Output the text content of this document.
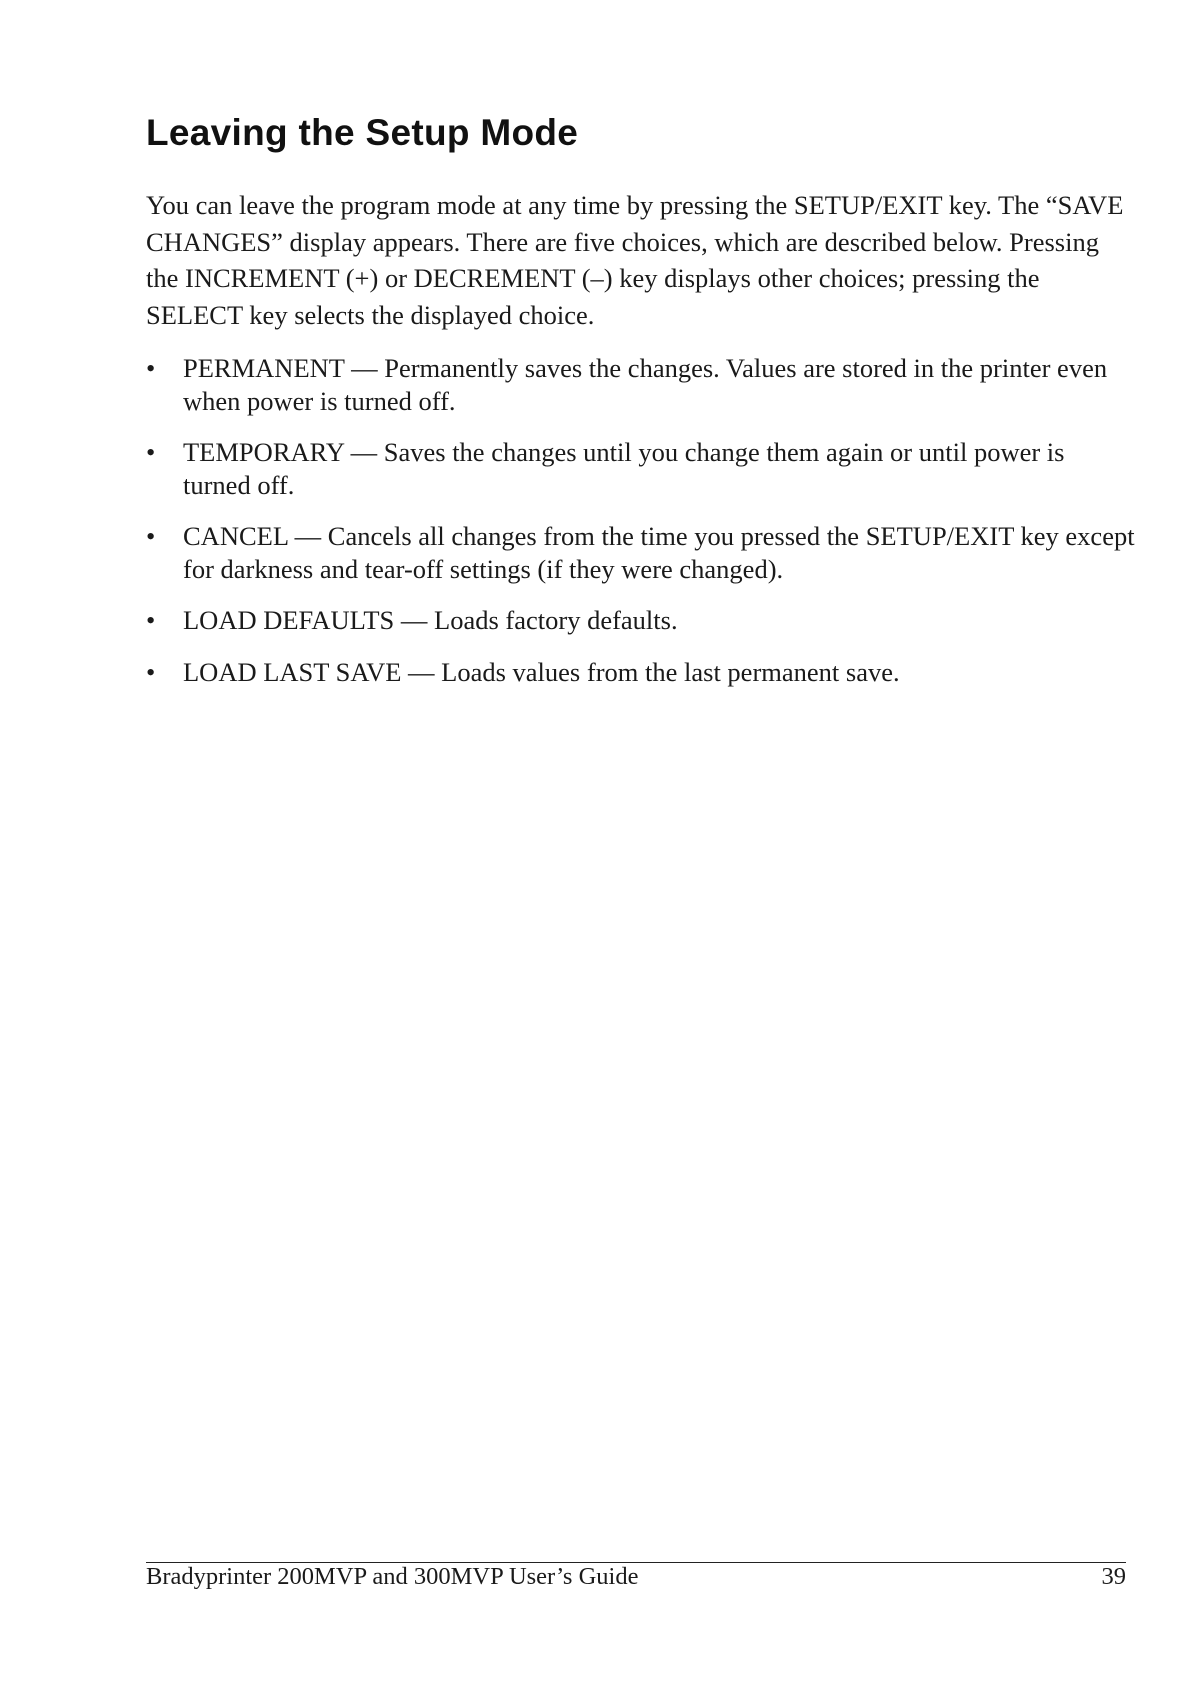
Leaving the Setup Mode

You can leave the program mode at any time by pressing the SETUP/EXIT key. The “SAVE CHANGES” display appears. There are five choices, which are described below. Pressing the INCREMENT (+) or DECREMENT (–) key displays other choices; pressing the SELECT key selects the displayed choice.

• PERMANENT — Permanently saves the changes. Values are stored in the printer even when power is turned off.
• TEMPORARY — Saves the changes until you change them again or until power is turned off.
• CANCEL — Cancels all changes from the time you pressed the SETUP/EXIT key except for darkness and tear-off settings (if they were changed).
• LOAD DEFAULTS — Loads factory defaults.
• LOAD LAST SAVE — Loads values from the last permanent save.
Bradyprinter 200MVP and 300MVP User’s Guide	39
